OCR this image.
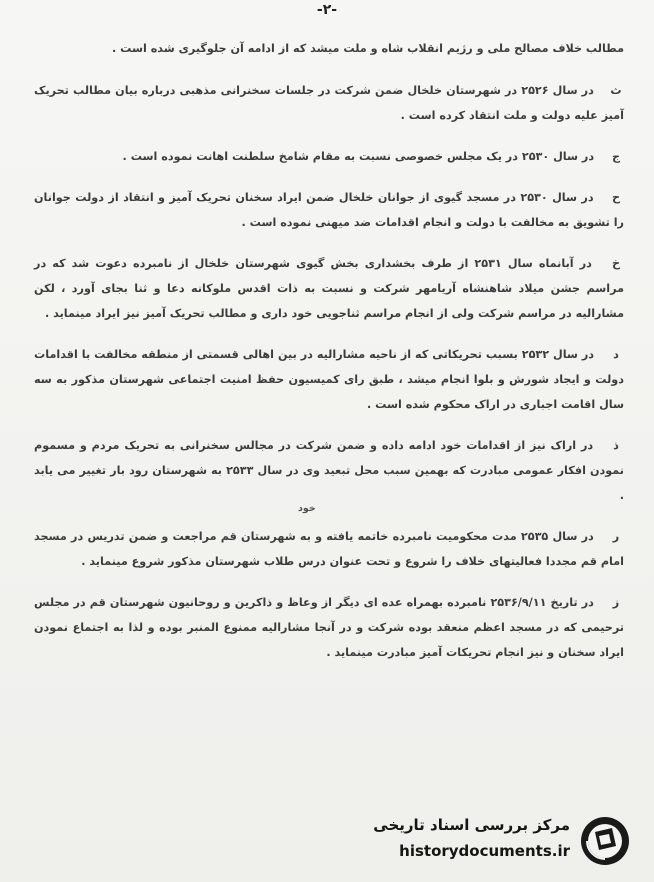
-۲-
خود

مطالب خلاف مصالح ملی و رژیم انقلاب شاه و ملت میشد که از ادامه آن جلوگیری شده است .

ث در سال ۲۵۲۶ در شهرستان خلخال ضمن شرکت در جلسات سخنرانی مذهبی درباره بیان مطالب تحریک آمیز علیه دولت و ملت انتقاد کرده است .

ج در سال ۲۵۳۰ در یک مجلس خصوصی نسبت به مقام شامخ سلطنت اهانت نموده است .

ح در سال ۲۵۳۰ در مسجد گیوی از جوانان خلخال ضمن ایراد سخنان تحریک آمیز و انتقاد از دولت جوانان را تشویق به مخالفت با دولت و انجام اقدامات ضد میهنی نموده است .

خ در آبانماه سال ۲۵۳۱ از طرف بخشداری بخش گیوی شهرستان خلخال از نامبرده دعوت شد که در مراسم جشن میلاد شاهنشاه آریامهر شرکت و نسبت به ذات اقدس ملوکانه دعا و ثنا بجای آورد ، لکن مشارالیه در مراسم شرکت ولی از انجام مراسم ثناجویی خود داری و مطالب تحریک آمیز نیز ایراد مینماید .

د در سال ۲۵۳۲ بسبب تحریکاتی که از ناحیه مشارالیه در بین اهالی قسمتی از منطقه مخالفت با اقدامات دولت و ایجاد شورش و بلوا انجام میشد ، طبق رای کمیسیون حفظ امنیت اجتماعی شهرستان مذکور به سه سال اقامت اجباری در اراک محکوم شده است .

ذ در اراک نیز از اقدامات خود ادامه داده و ضمن شرکت در مجالس سخنرانی به تحریک مردم و مسموم نمودن افکار عمومی مبادرت که بهمین سبب محل تبعید وی در سال ۲۵۳۳ به شهرستان رود بار تغییر می یابد .

ر در سال ۲۵۳۵ مدت محکومیت نامبرده خاتمه یافته و به شهرستان قم مراجعت و ضمن تدریس در مسجد امام قم مجددا فعالیتهای خلاف را شروع و تحت عنوان درس طلاب شهرستان مذکور شروع مینماید .

ز در تاریخ ۲۵۳۶/۹/۱۱ نامبرده بهمراه عده ای دیگر از وعاظ و ذاکرین و روحانیون شهرستان قم در مجلس ترحیمی که در مسجد اعظم منعقد بوده شرکت و در آنجا مشارالیه ممنوع المنبر بوده و لذا به اجتماع نمودن ایراد سخنان و نیز انجام تحریکات آمیز مبادرت مینماید .

مرکز بررسی اسناد تاریخی
historydocuments.ir
